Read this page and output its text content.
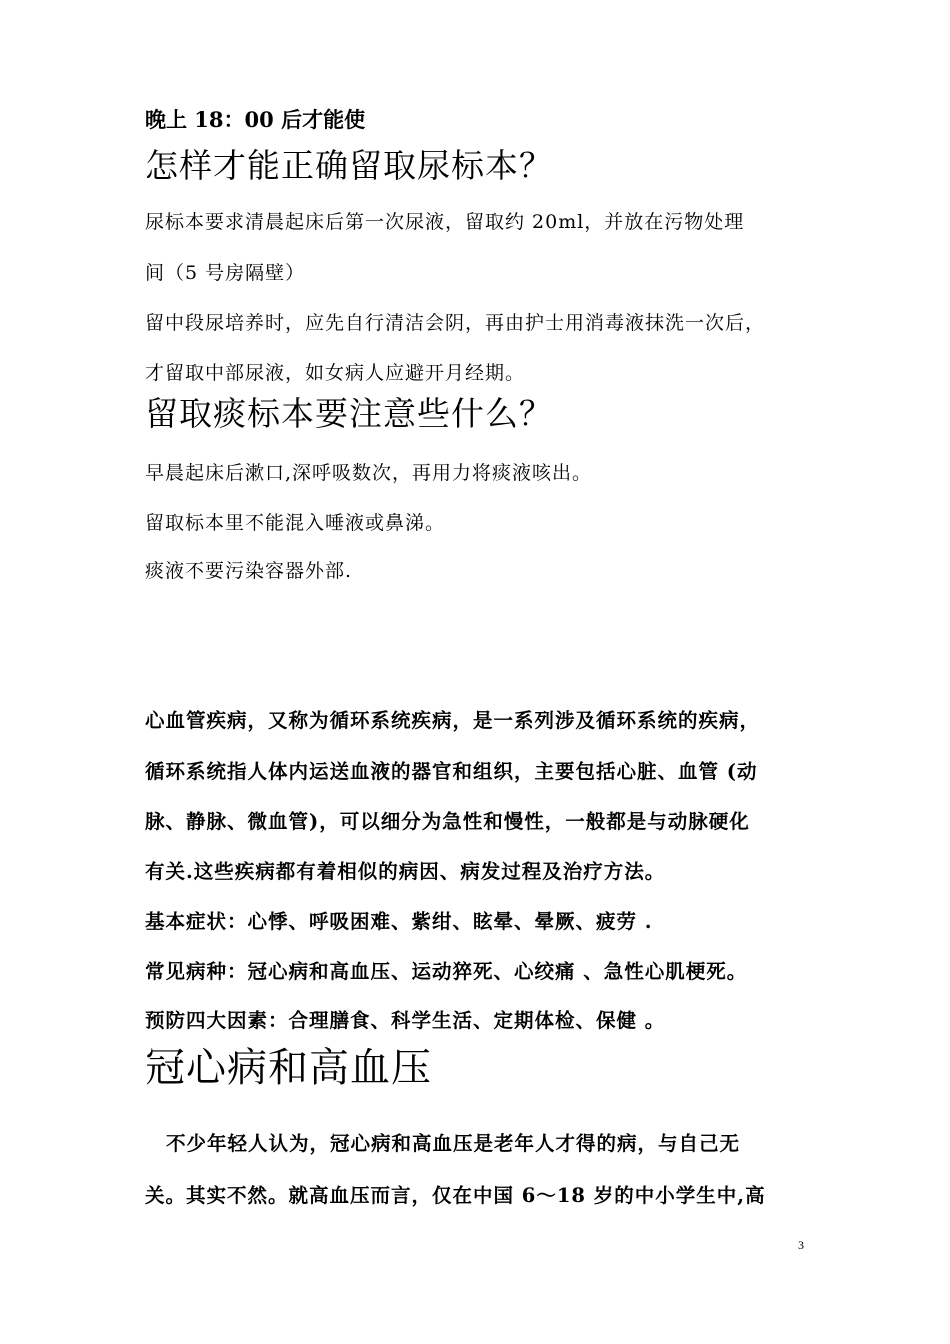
晚上 18：00 后才能使
怎样才能正确留取尿标本？
尿标本要求清晨起床后第一次尿液，留取约 20ml，并放在污物处理
间（5 号房隔壁）
留中段尿培养时，应先自行清洁会阴，再由护士用消毒液抹洗一次后，
才留取中部尿液，如女病人应避开月经期。
留取痰标本要注意些什么？
早晨起床后漱口,深呼吸数次，再用力将痰液咳出。
留取标本里不能混入唾液或鼻涕。
痰液不要污染容器外部.
心血管疾病，又称为循环系统疾病，是一系列涉及循环系统的疾病，
循环系统指人体内运送血液的器官和组织，主要包括心脏、血管 (动
脉、静脉、微血管)，可以细分为急性和慢性，一般都是与动脉硬化
有关.这些疾病都有着相似的病因、病发过程及治疗方法。
基本症状：心悸、呼吸困难、紫绀、眩晕、晕厥、疲劳 .
常见病种：冠心病和高血压、运动猝死、心绞痛 、急性心肌梗死。
预防四大因素：合理膳食、科学生活、定期体检、保健 。
冠心病和高血压
不少年轻人认为，冠心病和高血压是老年人才得的病，与自己无
关。其实不然。就高血压而言，仅在中国 6～18 岁的中小学生中,高
3
